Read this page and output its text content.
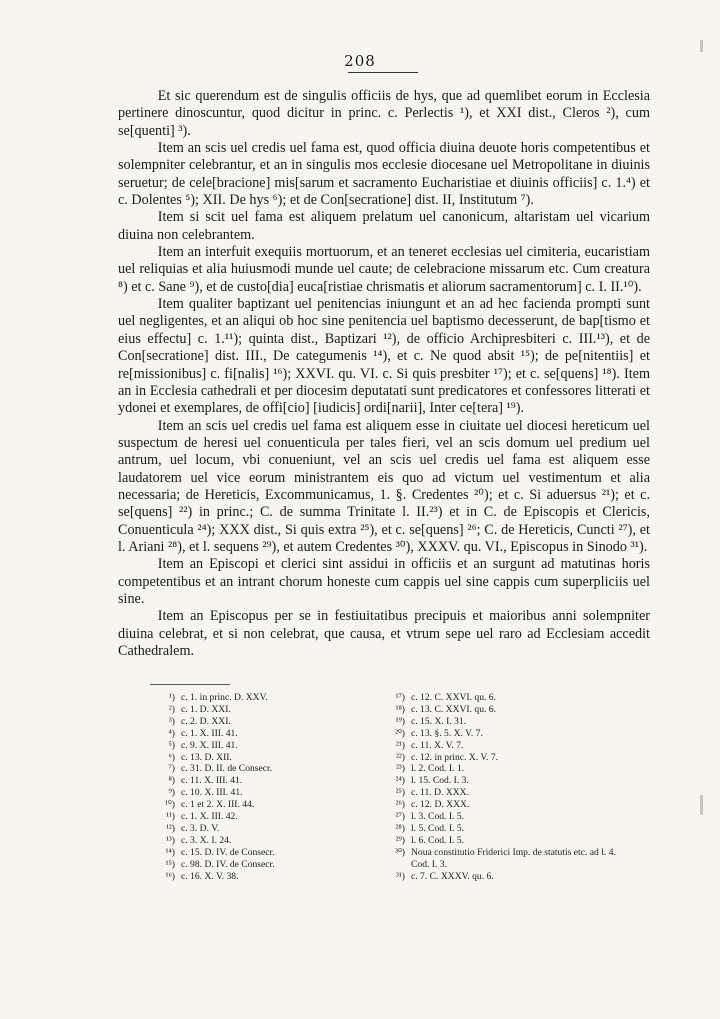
208

Et sic querendum est de singulis officiis de hys, que ad quemlibet eorum in Ecclesia pertinere dinoscuntur, quod dicitur in princ. c. Perlectis ¹), et XXI dist., Cleros ²), cum se[quenti] ³).

Item an scis uel credis uel fama est, quod officia diuina deuote horis competentibus et solempniter celebrantur, et an in singulis mos ecclesie diocesane uel Metropolitane in diuinis seruetur; de cele[bracione] mis[sarum et sacramento Eucharistiae et diuinis officiis] c. 1.⁴) et c. Dolentes ⁵); XII. De hys ⁶); et de Con[secratione] dist. II, Institutum ⁷).

Item si scit uel fama est aliquem prelatum uel canonicum, altaristam uel vicarium diuina non celebrantem.

Item an interfuit exequiis mortuorum, et an teneret ecclesias uel cimiteria, eucaristiam uel reliquias et alia huiusmodi munde uel caute; de celebracione missarum etc. Cum creatura ⁸) et c. Sane ⁹), et de custo[dia] euca[ristiae chrismatis et aliorum sacramentorum] c. I. II.¹⁰).

Item qualiter baptizant uel penitencias iniungunt et an ad hec facienda prompti sunt uel negligentes, et an aliqui ob hoc sine penitencia uel baptismo decesserunt, de bap[tismo et eius effectu] c. 1.¹¹); quinta dist., Baptizari ¹²), de officio Archipresbiteri c. III.¹³), et de Con[secratione] dist. III., De categumenis ¹⁴), et c. Ne quod absit ¹⁵); de pe[nitentiis] et re[missionibus] c. fi[nalis] ¹⁶); XXVI. qu. VI. c. Si quis presbiter ¹⁷); et c. se[quens] ¹⁸). Item an in Ecclesia cathedrali et per diocesim deputatati sunt predicatores et confessores litterati et ydonei et exemplares, de offi[cio] [iudicis] ordi[narii], Inter ce[tera] ¹⁹).

Item an scis uel credis uel fama est aliquem esse in ciuitate uel diocesi hereticum uel suspectum de heresi uel conuenticula per tales fieri, vel an scis domum uel predium uel antrum, uel locum, vbi conueniunt, vel an scis uel credis uel fama est aliquem esse laudatorem uel vice eorum ministrantem eis quo ad victum uel vestimentum et alia necessaria; de Hereticis, Excommunicamus, 1. §. Credentes ²⁰); et c. Si aduersus ²¹); et c. se[quens] ²²) in princ.; C. de summa Trinitate l. II.²³) et in C. de Episcopis et Clericis, Conuenticula ²⁴); XXX dist., Si quis extra ²⁵), et c. se[quens] ²⁶; C. de Hereticis, Cuncti ²⁷), et l. Ariani ²⁸), et l. sequens ²⁹), et autem Credentes ³⁰), XXXV. qu. VI., Episcopus in Sinodo ³¹).

Item an Episcopi et clerici sint assidui in officiis et an surgunt ad matutinas horis competentibus et an intrant chorum honeste cum cappis uel sine cappis cum superpliciis uel sine.

Item an Episcopus per se in festiuitatibus precipuis et maioribus anni solempniter diuina celebrat, et si non celebrat, que causa, et vtrum sepe uel raro ad Ecclesiam accedit Cathedralem.

¹) c. 1. in princ. D. XXV.
²) c. 1. D. XXI.
³) c. 2. D. XXI.
⁴) c. 1. X. III. 41.
⁵) c. 9. X. III. 41.
⁶) c. 13. D. XII.
⁷) c. 31. D. II. de Consecr.
⁸) c. 11. X. III. 41.
⁹) c. 10. X. III. 41.
¹⁰) c. 1 et 2. X. III. 44.
¹¹) c. 1. X. III. 42.
¹²) c. 3. D. V.
¹³) c. 3. X. I. 24.
¹⁴) c. 15. D. IV. de Consecr.
¹⁵) c. 98. D. IV. de Consecr.
¹⁶) c. 16. X. V. 38.
¹⁷) c. 12. C. XXVI. qu. 6.
¹⁸) c. 13. C. XXVI. qu. 6.
¹⁹) c. 15. X. I. 31.
²⁰) c. 13. §. 5. X. V. 7.
²¹) c. 11. X. V. 7.
²²) c. 12. in princ. X. V. 7.
²³) l. 2. Cod. I. 1.
²⁴) l. 15. Cod. I. 3.
²⁵) c. 11. D. XXX.
²⁶) c. 12. D. XXX.
²⁷) l. 3. Cod. I. 5.
²⁸) l. 5. Cod. I. 5.
²⁹) l. 6. Cod. I. 5.
³⁰) Noua constitutio Friderici Imp. de statutis etc. ad l. 4. Cod. I. 3.
³¹) c. 7. C. XXXV. qu. 6.
